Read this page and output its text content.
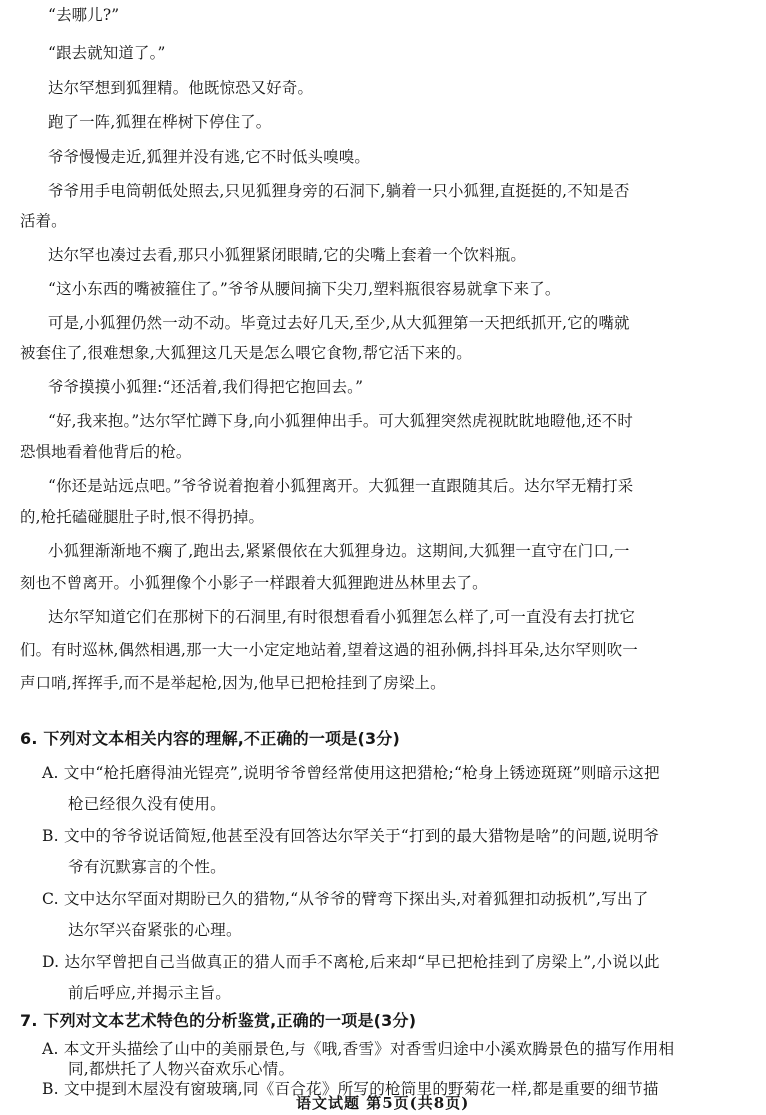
“去哪儿?”
“跟去就知道了。”
达尔罕想到狐狸精。他既惊恐又好奇。
跑了一阵,狐狸在桦树下停住了。
爷爷慢慢走近,狐狸并没有逃,它不时低头嗅嗅。
爷爷用手电筒朝低处照去,只见狐狸身旁的石洞下,躺着一只小狐狸,直挺挺的,不知是否
活着。
达尔罕也凑过去看,那只小狐狸紧闭眼睛,它的尖嘴上套着一个饮料瓶。
“这小东西的嘴被箍住了。”爷爷从腰间摘下尖刀,塑料瓶很容易就拿下来了。
可是,小狐狸仍然一动不动。毕竟过去好几天,至少,从大狐狸第一天把纸抓开,它的嘴就
被套住了,很难想象,大狐狸这几天是怎么喂它食物,帮它活下来的。
爷爷摸摸小狐狸:“还活着,我们得把它抱回去。”
“好,我来抱。”达尔罕忙蹲下身,向小狐狸伸出手。可大狐狸突然虎视眈眈地瞪他,还不时
恐惧地看着他背后的枪。
“你还是站远点吧。”爷爷说着抱着小狐狸离开。大狐狸一直跟随其后。达尔罕无精打采
的,枪托磕碰腿肚子时,恨不得扔掉。
小狐狸渐渐地不瘸了,跑出去,紧紧偎依在大狐狸身边。这期间,大狐狸一直守在门口,一
刻也不曾离开。小狐狸像个小影子一样跟着大狐狸跑进丛林里去了。
达尔罕知道它们在那树下的石洞里,有时很想看看小狐狸怎么样了,可一直没有去打扰它
们。有时巡林,偶然相遇,那一大一小定定地站着,望着这過的祖孙俩,抖抖耳朵,达尔罕则吹一
声口哨,挥挥手,而不是举起枪,因为,他早已把枪挂到了房梁上。
6. 下列对文本相关内容的理解,不正确的一项是(3分)
A. 文中“枪托磨得油光锃亮”,说明爷爷曾经常使用这把猎枪;“枪身上锈迹斑斑”则暗示这把
枪已经很久没有使用。
B. 文中的爷爷说话简短,他甚至没有回答达尔罕关于“打到的最大猎物是啥”的问题,说明爷
爷有沉默寡言的个性。
C. 文中达尔罕面对期盼已久的猎物,“从爷爷的臂弯下探出头,对着狐狸扣动扳机”,写出了
达尔罕兴奋紧张的心理。
D. 达尔罕曾把自己当做真正的猎人而手不离枪,后来却“早已把枪挂到了房梁上”,小说以此
前后呼应,并揭示主旨。
7. 下列对文本艺术特色的分析鉴赏,正确的一项是(3分)
A. 本文开头描绘了山中的美丽景色,与《哦,香雪》对香雪归途中小溪欢腾景色的描写作用相
同,都烘托了人物兴奋欢乐心情。
B. 文中提到木屋没有窗玻璃,同《百合花》所写的枪筒里的野菊花一样,都是重要的细节描
语文试题 第5页(共8页)
